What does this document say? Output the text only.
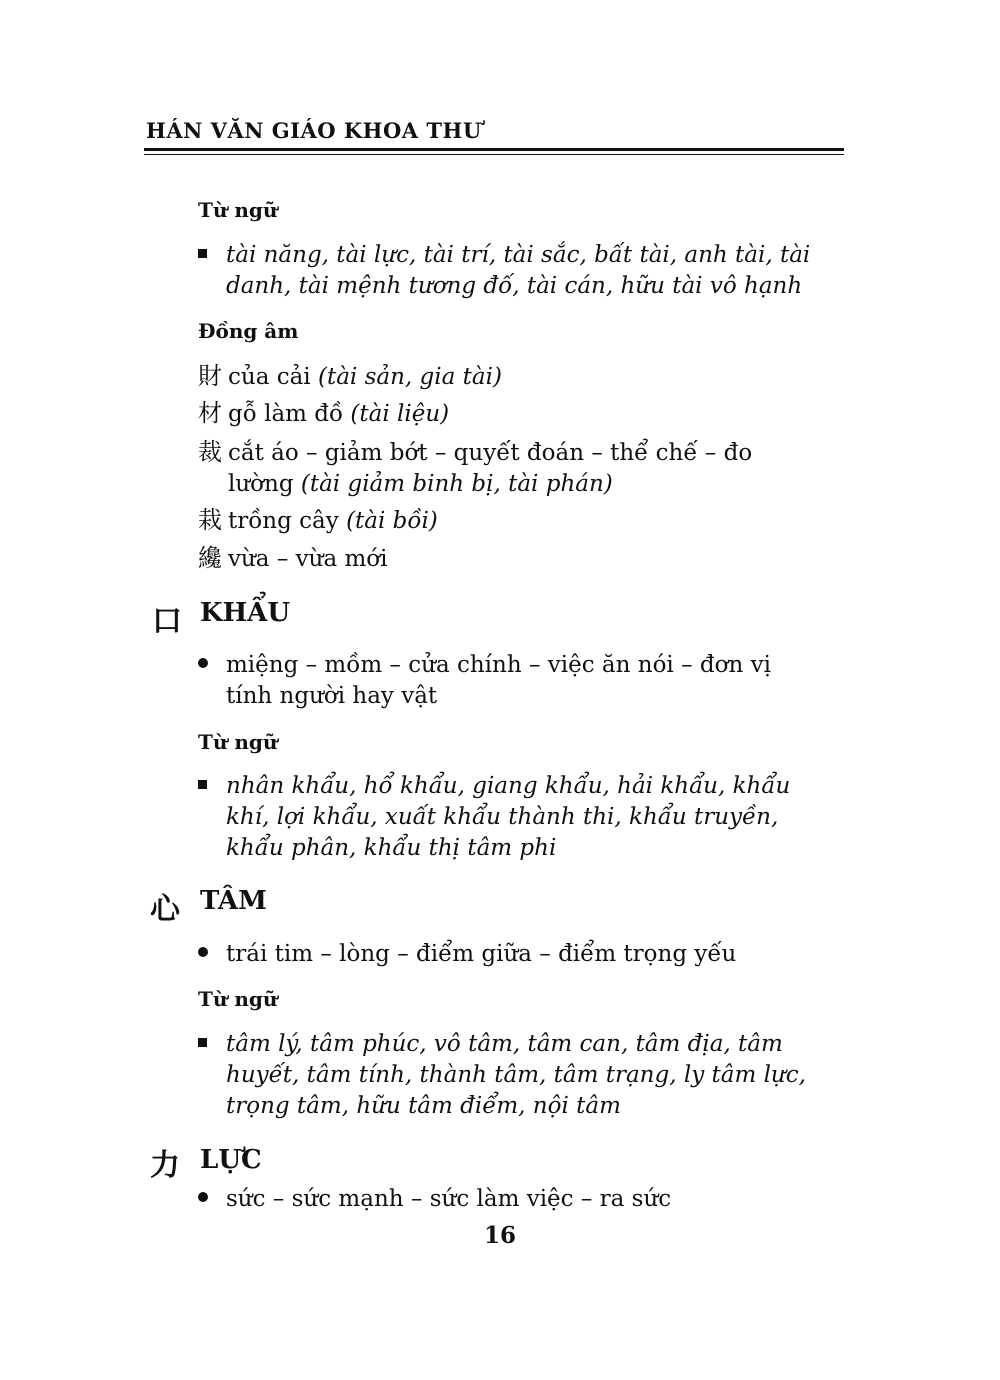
HÁN VĂN GIÁO KHOA THƯ
Từ ngữ
tài năng, tài lực, tài trí, tài sắc, bất tài, anh tài, tài
danh, tài mệnh tương đố, tài cán, hữu tài vô hạnh
Đồng âm
財 của cải (tài sản, gia tài)
材 gỗ làm đồ (tài liệu)
裁 cắt áo – giảm bớt – quyết đoán – thể chế – đo
lường (tài giảm binh bị, tài phán)
栽 trồng cây (tài bồi)
纔 vừa – vừa mới
口 KHẨU
miệng – mồm – cửa chính – việc ăn nói – đơn vị
tính người hay vật
Từ ngữ
nhân khẩu, hổ khẩu, giang khẩu, hải khẩu, khẩu
khí, lợi khẩu, xuất khẩu thành thi, khẩu truyền,
khẩu phân, khẩu thị tâm phi
心 TÂM
trái tim – lòng – điểm giữa – điểm trọng yếu
Từ ngữ
tâm lý, tâm phúc, vô tâm, tâm can, tâm địa, tâm
huyết, tâm tính, thành tâm, tâm trạng, ly tâm lực,
trọng tâm, hữu tâm điểm, nội tâm
力 LỰC
sức – sức mạnh – sức làm việc – ra sức
16
